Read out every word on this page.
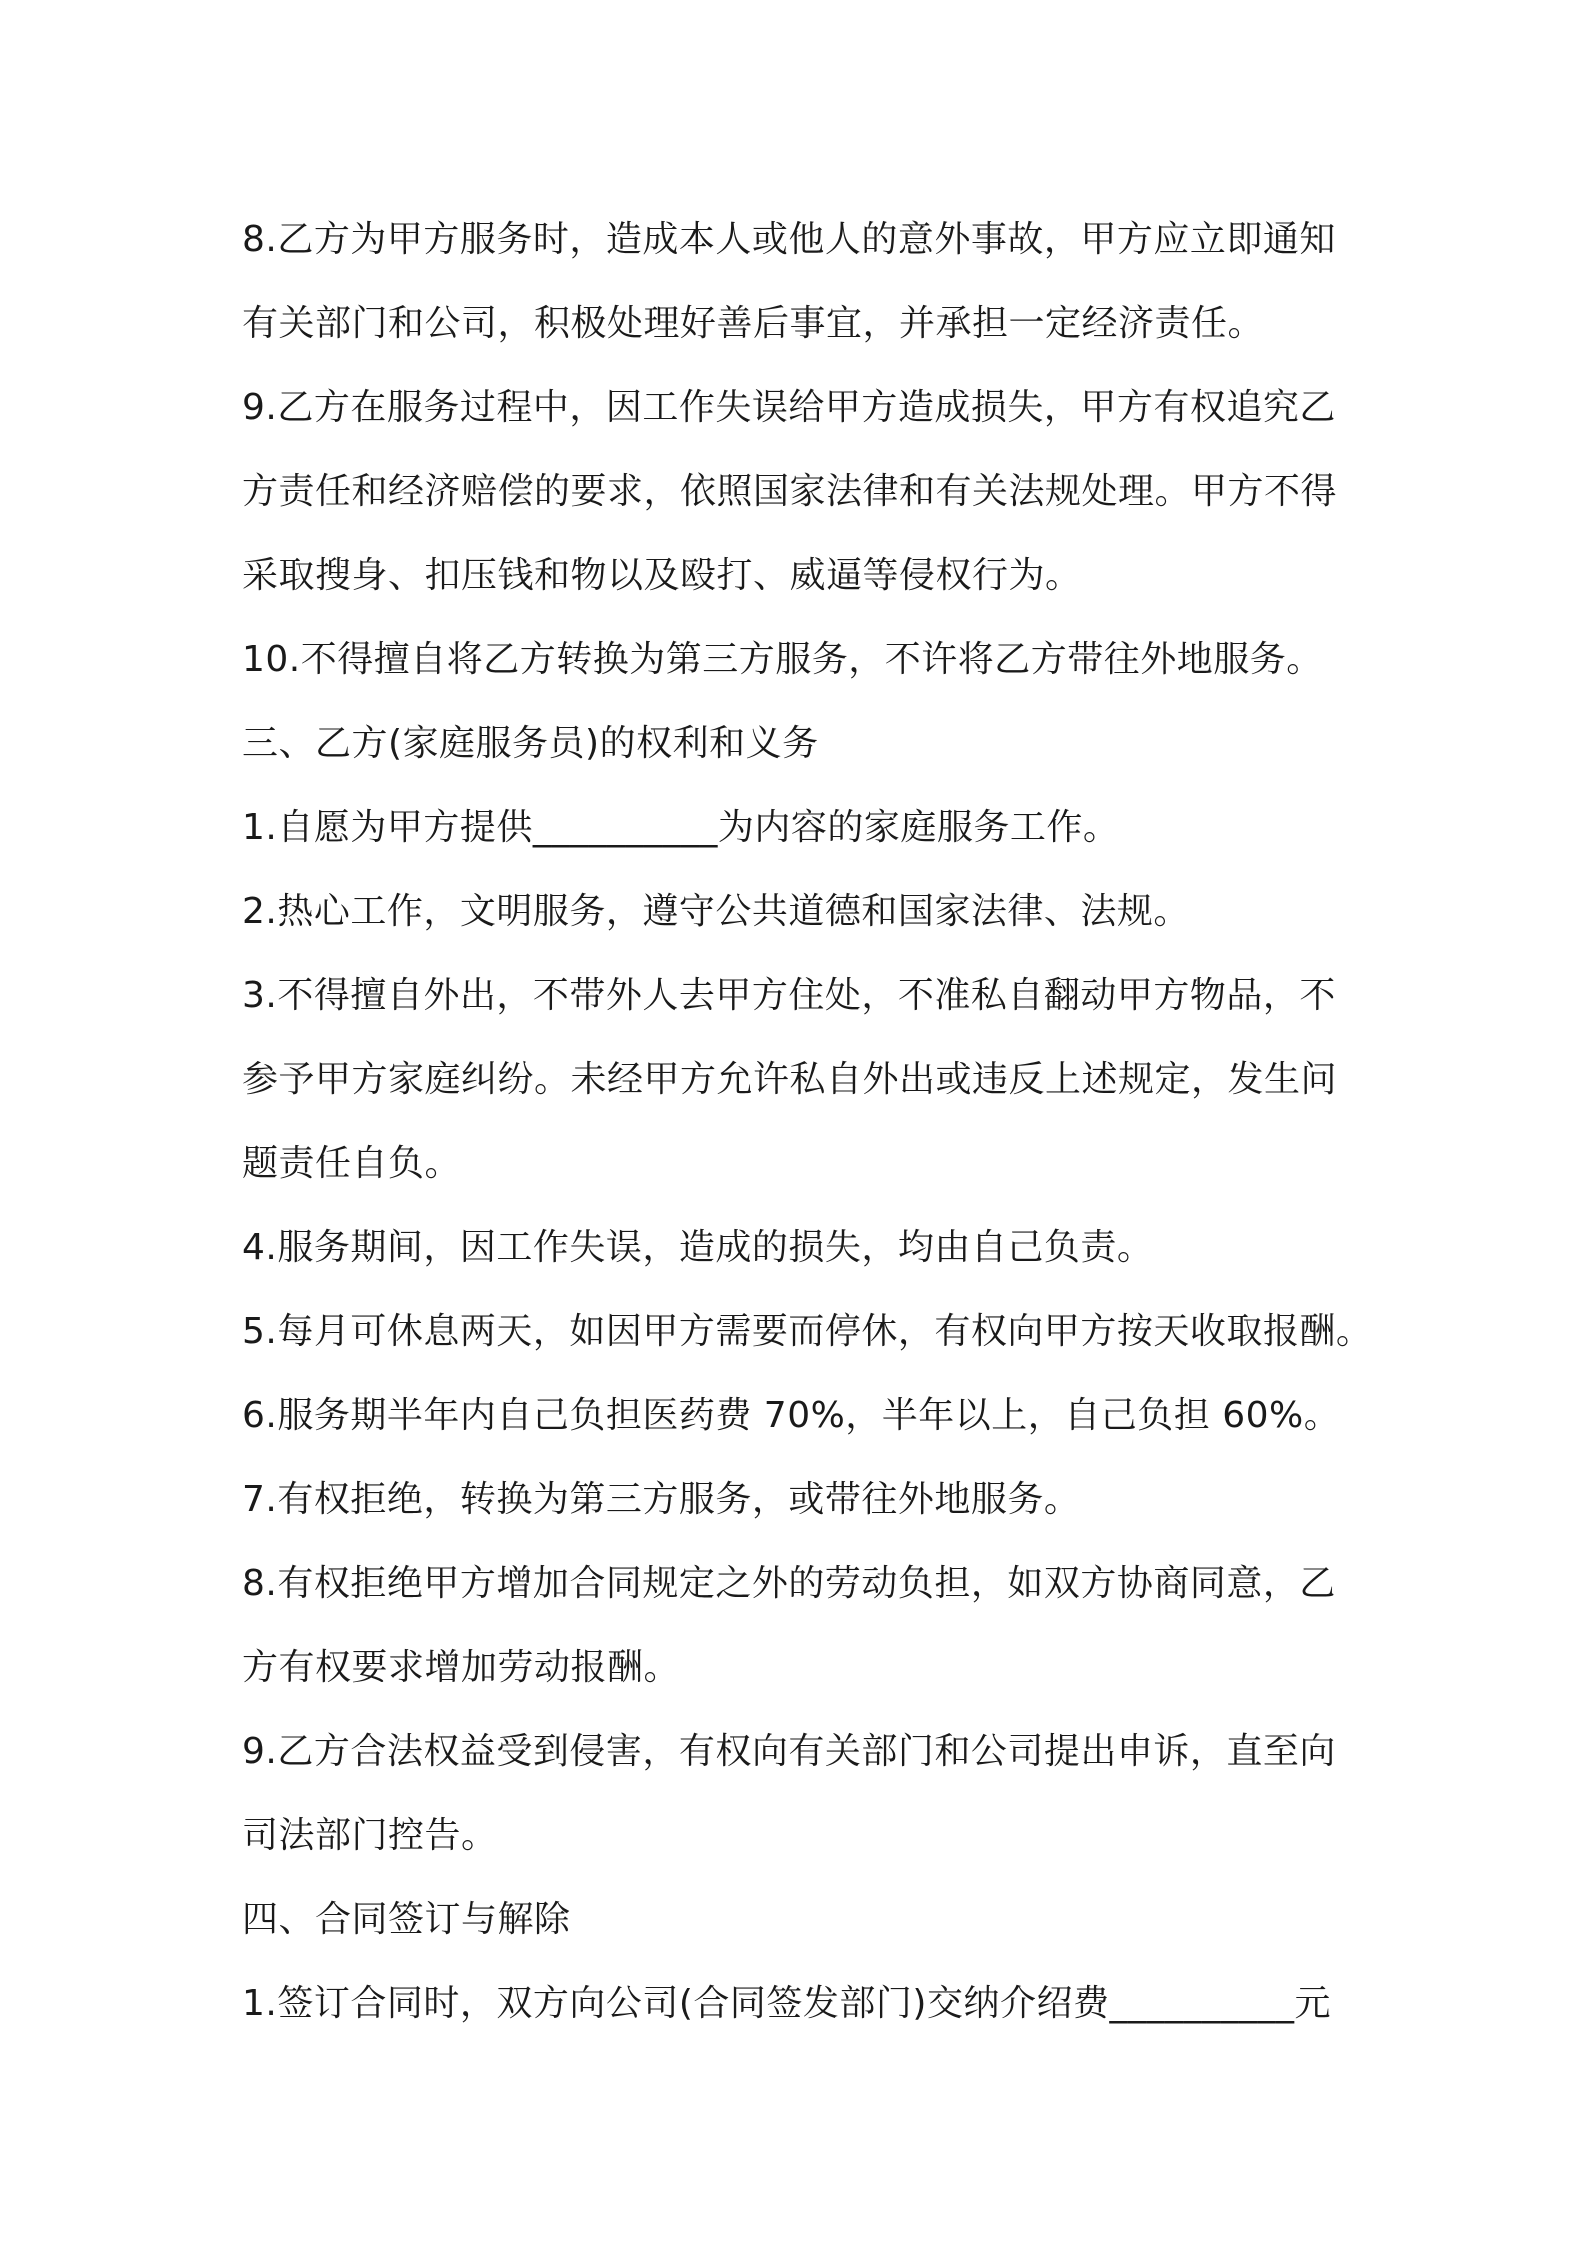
8.乙方为甲方服务时，造成本人或他人的意外事故，甲方应立即通知
有关部门和公司，积极处理好善后事宜，并承担一定经济责任。
9.乙方在服务过程中，因工作失误给甲方造成损失，甲方有权追究乙
方责任和经济赔偿的要求，依照国家法律和有关法规处理。甲方不得
采取搜身、扣压钱和物以及殴打、威逼等侵权行为。
10.不得擅自将乙方转换为第三方服务，不许将乙方带往外地服务。
三、乙方(家庭服务员)的权利和义务
1.自愿为甲方提供__________为内容的家庭服务工作。
2.热心工作，文明服务，遵守公共道德和国家法律、法规。
3.不得擅自外出，不带外人去甲方住处，不准私自翻动甲方物品，不
参予甲方家庭纠纷。未经甲方允许私自外出或违反上述规定，发生问
题责任自负。
4.服务期间，因工作失误，造成的损失，均由自己负责。
5.每月可休息两天，如因甲方需要而停休，有权向甲方按天收取报酬。
6.服务期半年内自己负担医药费 70%，半年以上，自己负担 60%。
7.有权拒绝，转换为第三方服务，或带往外地服务。
8.有权拒绝甲方增加合同规定之外的劳动负担，如双方协商同意，乙
方有权要求增加劳动报酬。
9.乙方合法权益受到侵害，有权向有关部门和公司提出申诉，直至向
司法部门控告。
四、合同签订与解除
1.签订合同时，双方向公司(合同签发部门)交纳介绍费__________元
